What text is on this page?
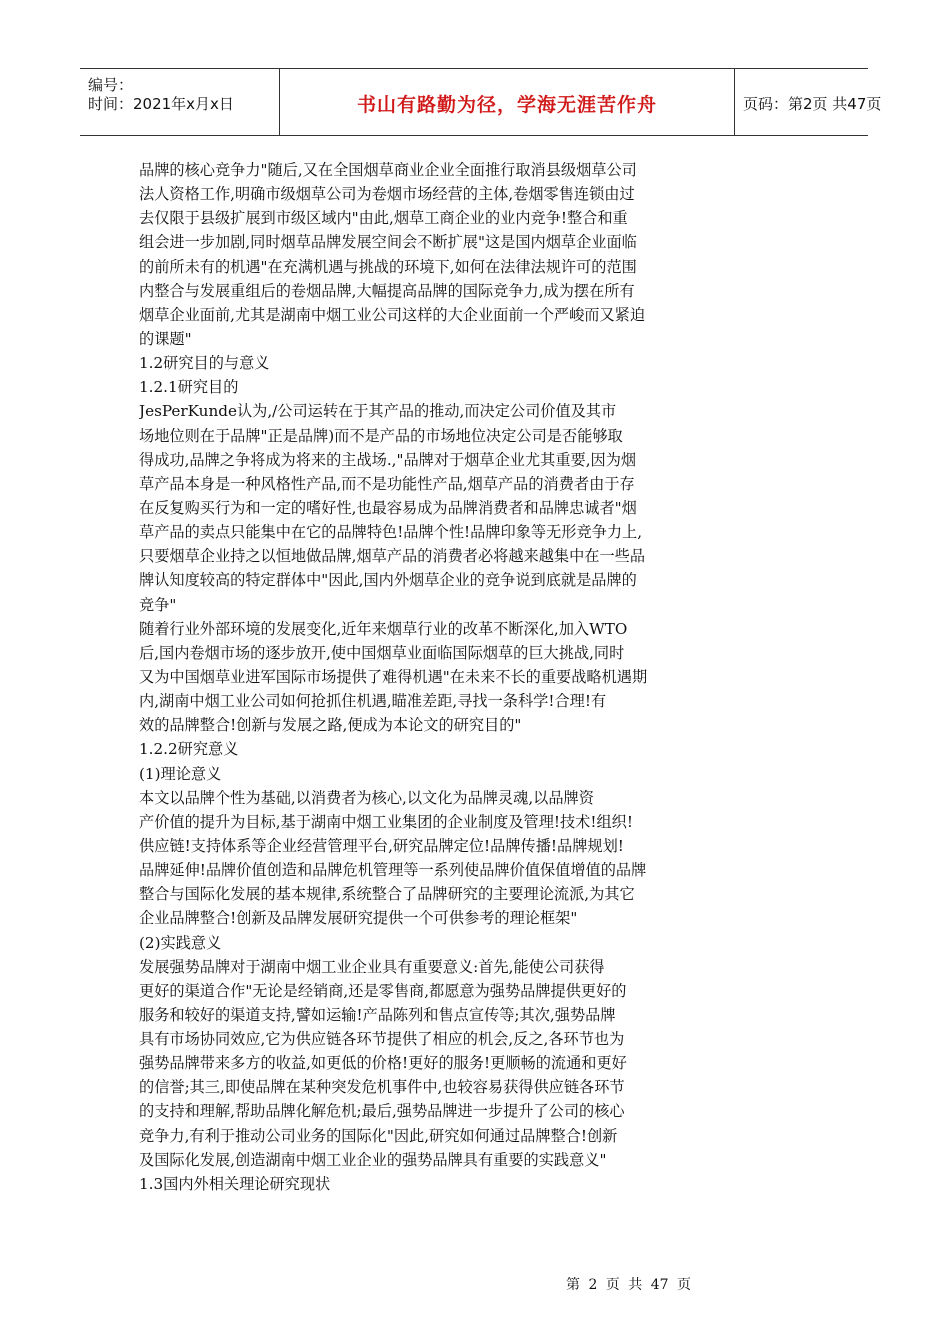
编号：
时间：2021年x月x日	书山有路勤为径，学海无涯苦作舟	页码：第2页 共47页
品牌的核心竞争力"随后,又在全国烟草商业企业全面推行取消县级烟草公司
法人资格工作,明确市级烟草公司为卷烟市场经营的主体,卷烟零售连锁由过
去仅限于县级扩展到市级区域内"由此,烟草工商企业的业内竞争!整合和重
组会进一步加剧,同时烟草品牌发展空间会不断扩展"这是国内烟草企业面临
的前所未有的机遇"在充满机遇与挑战的环境下,如何在法律法规许可的范围
内整合与发展重组后的卷烟品牌,大幅提高品牌的国际竞争力,成为摆在所有
烟草企业面前,尤其是湖南中烟工业公司这样的大企业面前一个严峻而又紧迫
的课题"
1.2研究目的与意义
1.2.1研究目的
JesPerKunde认为,/公司运转在于其产品的推动,而决定公司价值及其市
场地位则在于品牌"正是品牌)而不是产品的市场地位决定公司是否能够取
得成功,品牌之争将成为将来的主战场.,"品牌对于烟草企业尤其重要,因为烟
草产品本身是一种风格性产品,而不是功能性产品,烟草产品的消费者由于存
在反复购买行为和一定的嗜好性,也最容易成为品牌消费者和品牌忠诚者"烟
草产品的卖点只能集中在它的品牌特色!品牌个性!品牌印象等无形竞争力上,
只要烟草企业持之以恒地做品牌,烟草产品的消费者必将越来越集中在一些品
牌认知度较高的特定群体中"因此,国内外烟草企业的竞争说到底就是品牌的
竞争"
随着行业外部环境的发展变化,近年来烟草行业的改革不断深化,加入WTO
后,国内卷烟市场的逐步放开,使中国烟草业面临国际烟草的巨大挑战,同时
又为中国烟草业进军国际市场提供了难得机遇"在未来不长的重要战略机遇期
内,湖南中烟工业公司如何抢抓住机遇,瞄准差距,寻找一条科学!合理!有
效的品牌整合!创新与发展之路,便成为本论文的研究目的"
1.2.2研究意义
(1)理论意义
本文以品牌个性为基础,以消费者为核心,以文化为品牌灵魂,以品牌资
产价值的提升为目标,基于湖南中烟工业集团的企业制度及管理!技术!组织!
供应链!支持体系等企业经营管理平台,研究品牌定位!品牌传播!品牌规划!
品牌延伸!品牌价值创造和品牌危机管理等一系列使品牌价值保值增值的品牌
整合与国际化发展的基本规律,系统整合了品牌研究的主要理论流派,为其它
企业品牌整合!创新及品牌发展研究提供一个可供参考的理论框架"
(2)实践意义
发展强势品牌对于湖南中烟工业企业具有重要意义:首先,能使公司获得
更好的渠道合作"无论是经销商,还是零售商,都愿意为强势品牌提供更好的
服务和较好的渠道支持,譬如运输!产品陈列和售点宣传等;其次,强势品牌
具有市场协同效应,它为供应链各环节提供了相应的机会,反之,各环节也为
强势品牌带来多方的收益,如更低的价格!更好的服务!更顺畅的流通和更好
的信誉;其三,即使品牌在某种突发危机事件中,也较容易获得供应链各环节
的支持和理解,帮助品牌化解危机;最后,强势品牌进一步提升了公司的核心
竞争力,有利于推动公司业务的国际化"因此,研究如何通过品牌整合!创新
及国际化发展,创造湖南中烟工业企业的强势品牌具有重要的实践意义"
1.3国内外相关理论研究现状
第 2 页 共 47 页
